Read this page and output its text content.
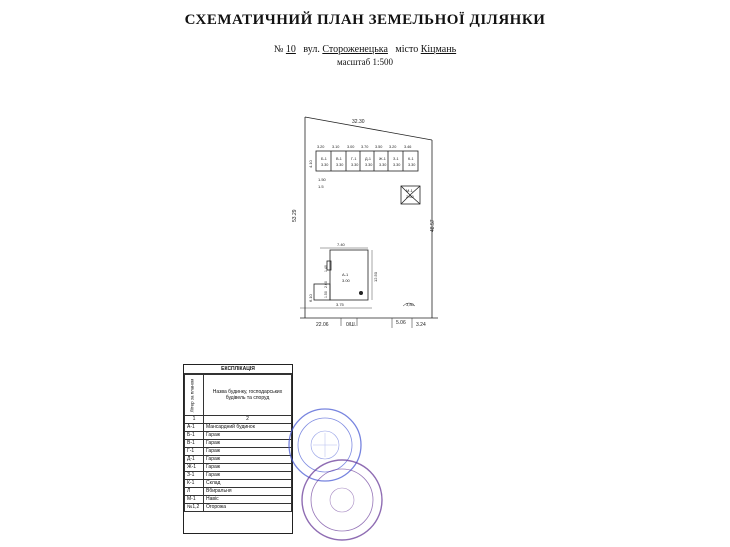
СХЕМАТИЧНИЙ ПЛАН ЗЕМЕЛЬНОЇ ДІЛЯНКИ
№ 10 вул. Стороженецька місто Кіцмань
масштаб 1:500
3.20
Б-1
3.30
3.10
В-1
3.30
3.00
Г-1
3.30
3.70
Д-1
3.30
3.50
Ж-1
3.30
3.20
З-1
3.30
3.46
К-1
3.30
32.30
53.29
48.57
22.06	0/Ш.	5.06 3.24
3,80
М-1
2.60
7.40
А-1
3.00	12.50
3.75
6.10
4.10
1.50
1.5
1.40
2.60
1.50
ЕКСПЛІКАЦІЯ
Літер за планом	Назва будинку, господарських будівель та споруд
1	2
А-1	Мансардний будинок
Б-1	Гараж
В-1	Гараж
Г-1	Гараж
Д-1	Гараж
Ж-1	Гараж
З-1	Гараж
К-1	Склад
Л	Вбиральня
М-1	Навіс
№1,2	Огорожа
